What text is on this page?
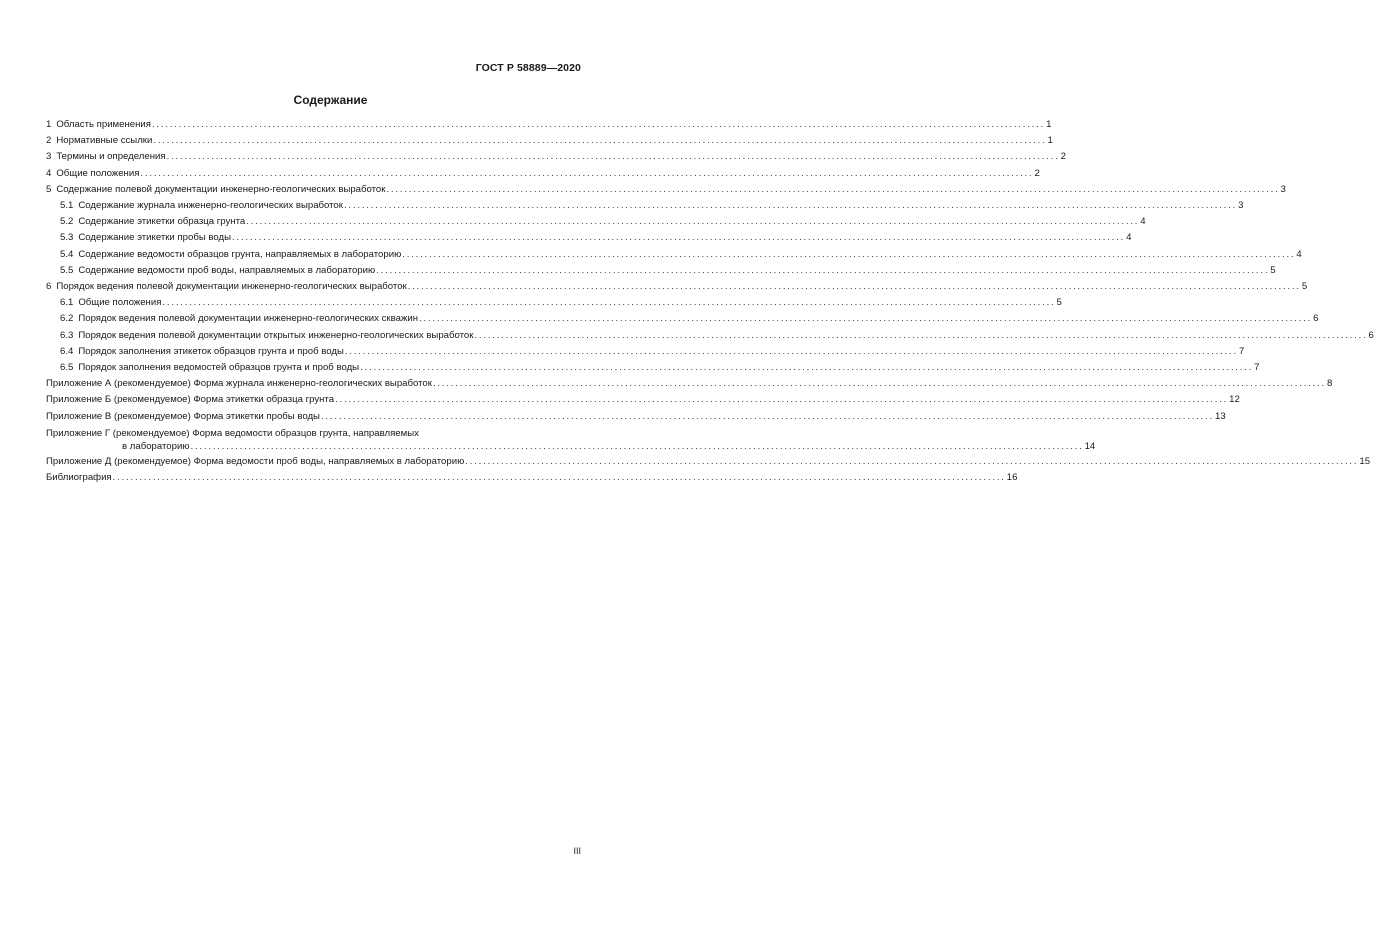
ГОСТ Р 58889—2020
Содержание
1 Область применения ........................................................................................................................................................................................................ 1
2 Нормативные ссылки ........................................................................................................................................................................................................ 1
3 Термины и определения ........................................................................................................................................................................................................ 2
4 Общие положения ........................................................................................................................................................................................................ 2
5 Содержание полевой документации инженерно-геологических выработок ........................................................................................................................................................................................................ 3
5.1 Содержание журнала инженерно-геологических выработок ........................................................................................................................................................................................................ 3
5.2 Содержание этикетки образца грунта ........................................................................................................................................................................................................ 4
5.3 Содержание этикетки пробы воды ........................................................................................................................................................................................................ 4
5.4 Содержание ведомости образцов грунта, направляемых в лабораторию ........................................................................................................................................................................................................ 4
5.5 Содержание ведомости проб воды, направляемых в лабораторию ........................................................................................................................................................................................................ 5
6 Порядок ведения полевой документации инженерно-геологических выработок ........................................................................................................................................................................................................ 5
6.1 Общие положения ........................................................................................................................................................................................................ 5
6.2 Порядок ведения полевой документации инженерно-геологических скважин ........................................................................................................................................................................................................ 6
6.3 Порядок ведения полевой документации открытых инженерно-геологических выработок ........................................................................................................................................................................................................ 6
6.4 Порядок заполнения этикеток образцов грунта и проб воды ........................................................................................................................................................................................................ 7
6.5 Порядок заполнения ведомостей образцов грунта и проб воды ........................................................................................................................................................................................................ 7
Приложение А (рекомендуемое) Форма журнала инженерно-геологических выработок ........................................................................................................................................................................................................ 8
Приложение Б (рекомендуемое) Форма этикетки образца грунта ........................................................................................................................................................................................................ 12
Приложение В (рекомендуемое) Форма этикетки пробы воды ........................................................................................................................................................................................................ 13
Приложение Г (рекомендуемое) Форма ведомости образцов грунта, направляемых
в лабораторию ........................................................................................................................................................................................................ 14
Приложение Д (рекомендуемое) Форма ведомости проб воды, направляемых в лабораторию ........................................................................................................................................................................................................ 15
Библиография ........................................................................................................................................................................................................ 16
III
